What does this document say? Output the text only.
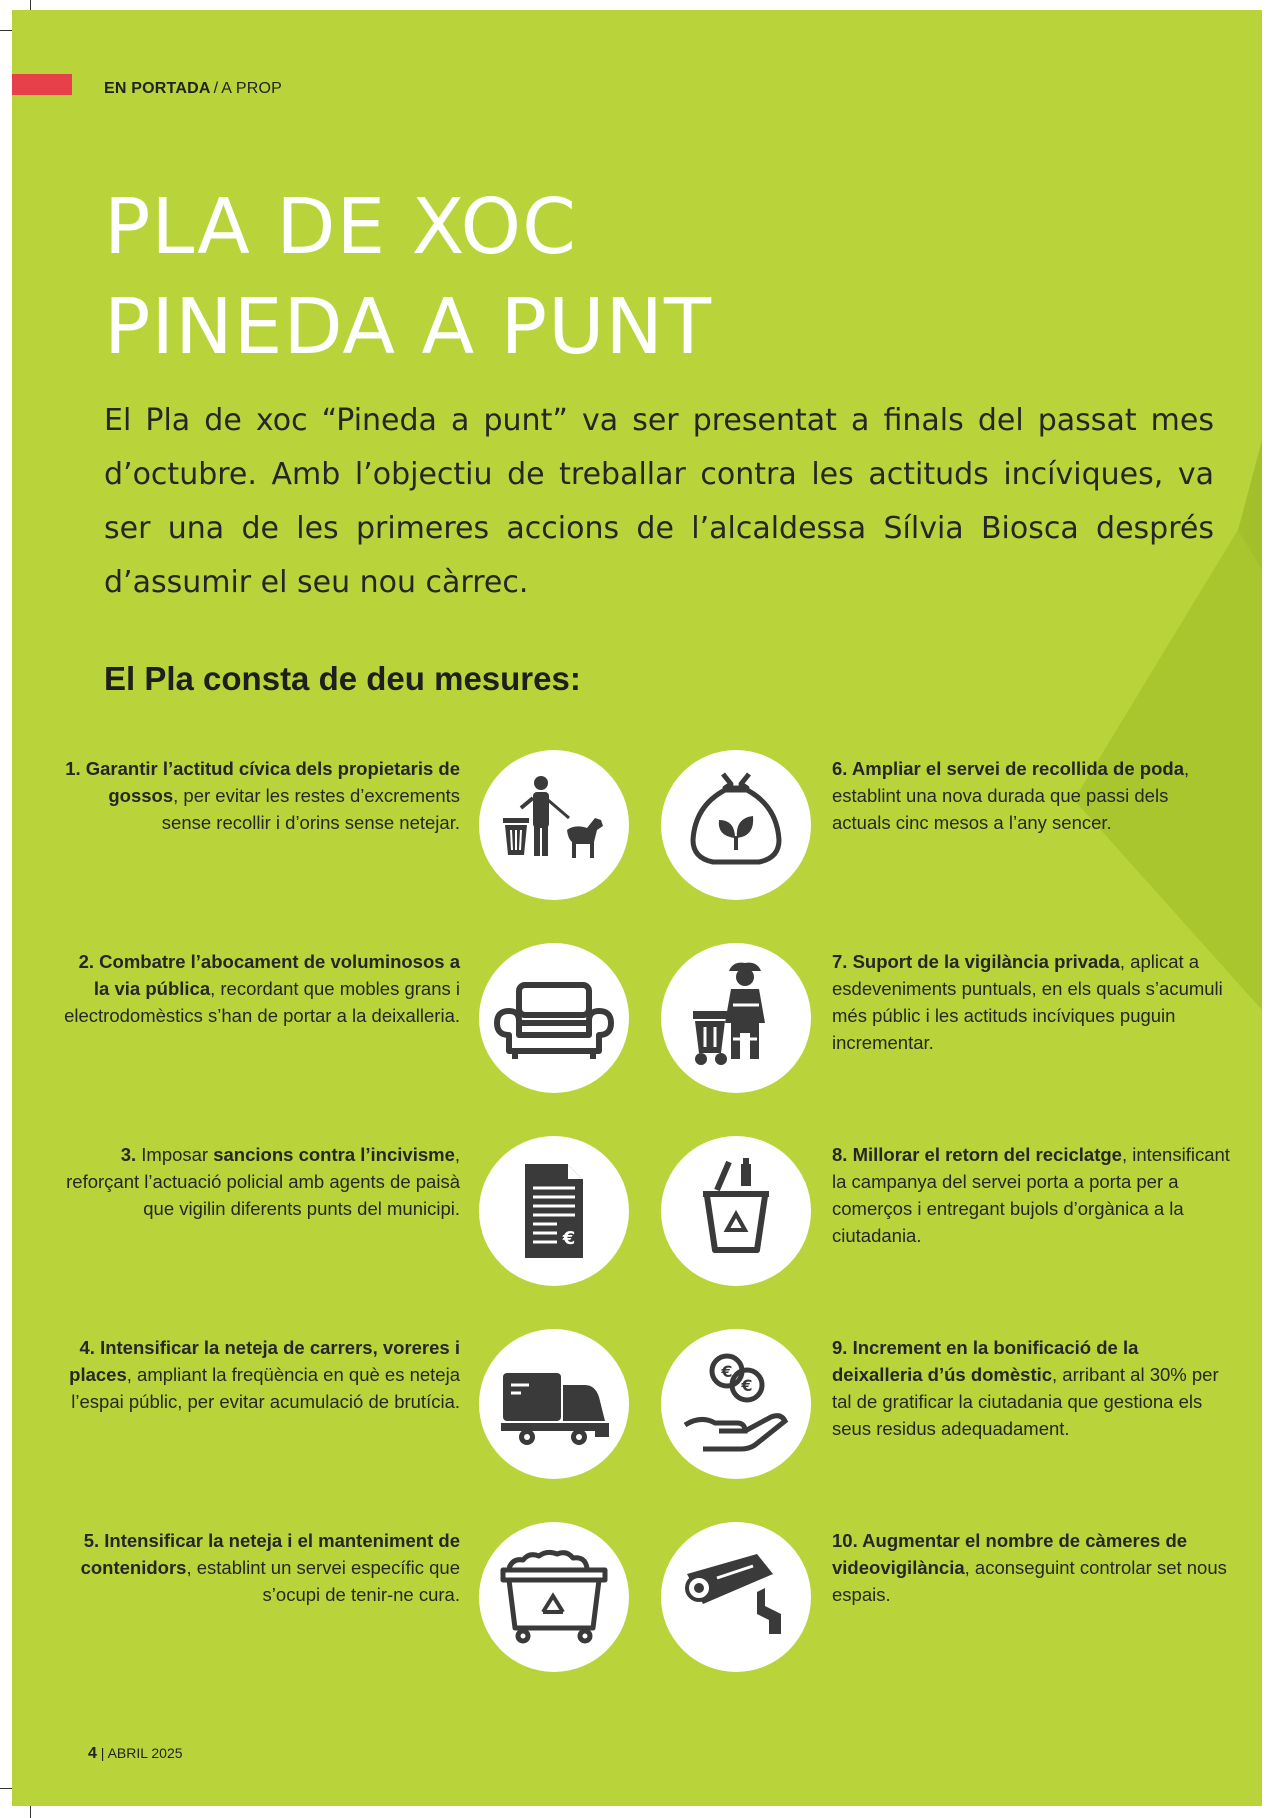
EN PORTADA / A PROP
PLA DE XOC
PINEDA A PUNT

El Pla de xoc “Pineda a punt” va ser presentat a finals del passat mes d’octubre. Amb l’objectiu de treballar contra les actituds incíviques, va ser una de les primeres accions de l’alcaldessa Sílvia Biosca després d’assumir el seu nou càrrec.

El Pla consta de deu mesures:
1. Garantir l’actitud cívica dels propietaris de gossos, per evitar les restes d’excrements sense recollir i d’orins sense netejar.
2. Combatre l’abocament de voluminosos a la via pública, recordant que mobles grans i electrodomèstics s’han de portar a la deixalleria.
3. Imposar sancions contra l’incivisme, reforçant l’actuació policial amb agents de paisà que vigilin diferents punts del municipi.
4. Intensificar la neteja de carrers, voreres i places, ampliant la freqüència en què es neteja l’espai públic, per evitar acumulació de brutícia.
5. Intensificar la neteja i el manteniment de contenidors, establint un servei específic que s’ocupi de tenir-ne cura.
6. Ampliar el servei de recollida de poda, establint una nova durada que passi dels actuals cinc mesos a l’any sencer.
7. Suport de la vigilància privada, aplicat a esdeveniments puntuals, en els quals s’acumuli més públic i les actituds incíviques puguin incrementar.
8. Millorar el retorn del reciclatge, intensificant la campanya del servei porta a porta per a comerços i entregant bujols d’orgànica a la ciutadania.
9. Increment en la bonificació de la deixalleria d’ús domèstic, arribant al 30% per tal de gratificar la ciutadania que gestiona els seus residus adequadament.
10. Augmentar el nombre de càmeres de videovigilància, aconseguint controlar set nous espais.
€
€
€
4 | ABRIL 2025
